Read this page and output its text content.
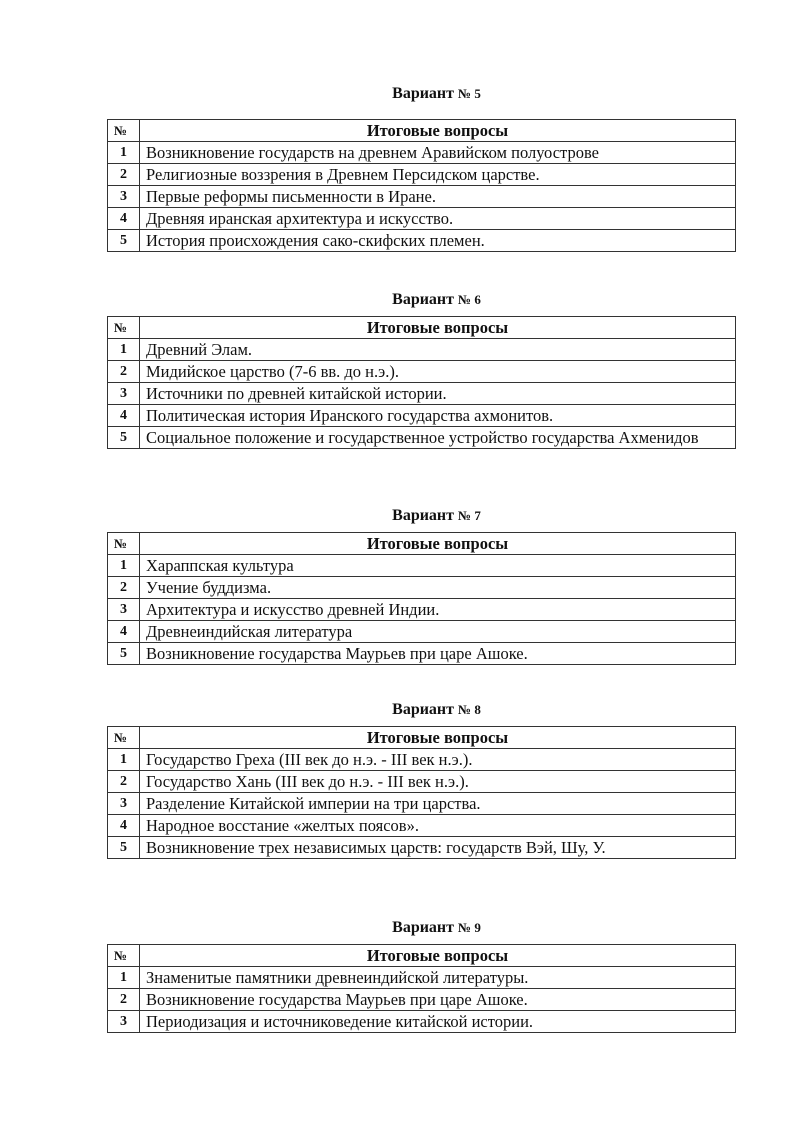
Вариант № 5
№	Итоговые вопросы
1	Возникновение государств на древнем Аравийском полуострове
2	Религиозные воззрения в Древнем Персидском царстве.
3	Первые реформы письменности в Иране.
4	Древняя иранская архитектура и искусство.
5	История происхождения сако-скифских племен.
Вариант № 6
№	Итоговые вопросы
1	Древний Элам.
2	Мидийское царство (7-6 вв. до н.э.).
3	Источники по древней китайской истории.
4	Политическая история Иранского государства ахмонитов.
5	Социальное положение и государственное устройство государства Ахменидов
Вариант № 7
№	Итоговые вопросы
1	Хараппская культура
2	Учение буддизма.
3	Архитектура и искусство древней Индии.
4	Древнеиндийская литература
5	Возникновение государства Маурьев при царе Ашоке.
Вариант № 8
№	Итоговые вопросы
1	Государство Греха (III век до н.э. - III век н.э.).
2	Государство Хань (III век до н.э. - III век н.э.).
3	Разделение Китайской империи на три царства.
4	Народное восстание «желтых поясов».
5	Возникновение трех независимых царств: государств Вэй, Шу, У.
Вариант № 9
№	Итоговые вопросы
1	Знаменитые памятники древнеиндийской литературы.
2	Возникновение государства Маурьев при царе Ашоке.
3	Периодизация и источниковедение китайской истории.
